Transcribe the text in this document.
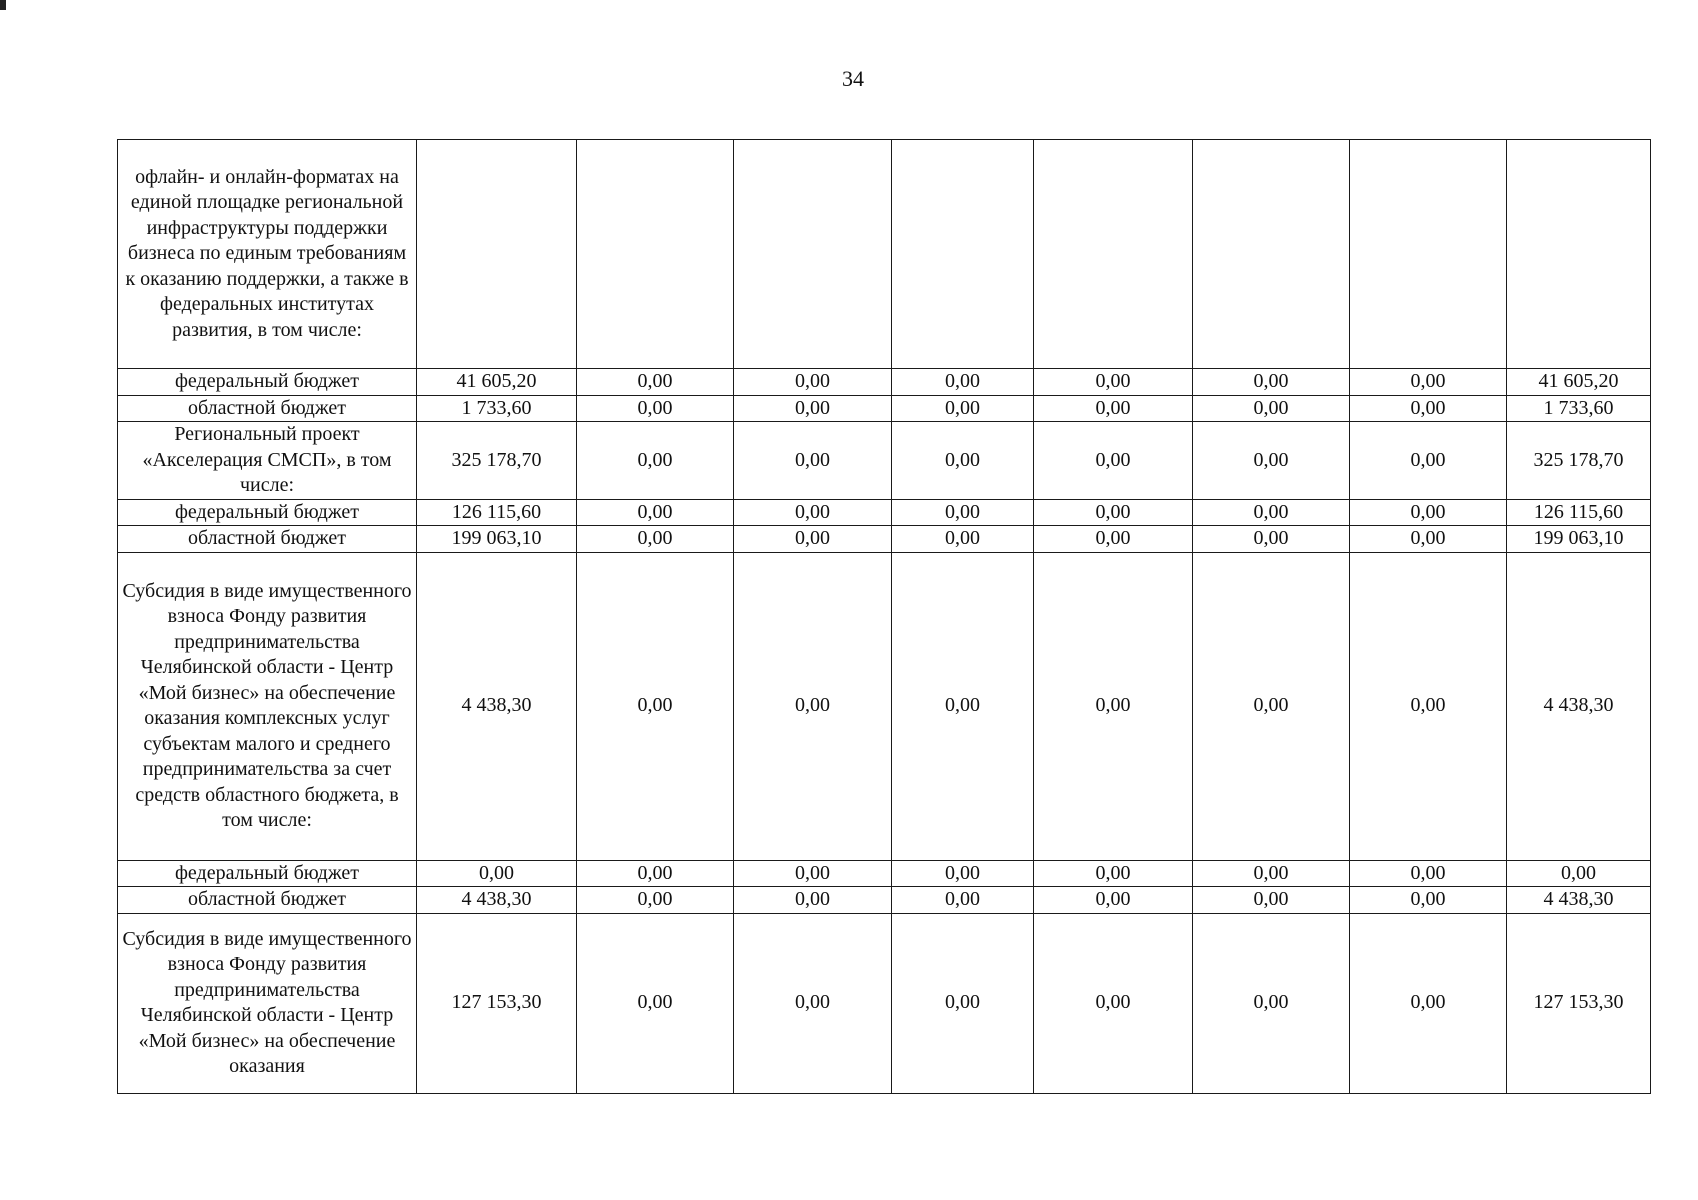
34
офлайн- и онлайн-форматах на единой площадке региональной инфраструктуры поддержки бизнеса по единым требованиям к оказанию поддержки, а также в федеральных институтах развития, в том числе:								
федеральный бюджет	41 605,20	0,00	0,00	0,00	0,00	0,00	0,00	41 605,20
областной бюджет	1 733,60	0,00	0,00	0,00	0,00	0,00	0,00	1 733,60
Региональный проект «Акселерация СМСП», в том числе:	325 178,70	0,00	0,00	0,00	0,00	0,00	0,00	325 178,70
федеральный бюджет	126 115,60	0,00	0,00	0,00	0,00	0,00	0,00	126 115,60
областной бюджет	199 063,10	0,00	0,00	0,00	0,00	0,00	0,00	199 063,10
Субсидия в виде имущественного взноса Фонду развития предпринимательства Челябинской области - Центр «Мой бизнес» на обеспечение оказания комплексных услуг субъектам малого и среднего предпринимательства за счет средств областного бюджета, в том числе:	4 438,30	0,00	0,00	0,00	0,00	0,00	0,00	4 438,30
федеральный бюджет	0,00	0,00	0,00	0,00	0,00	0,00	0,00	0,00
областной бюджет	4 438,30	0,00	0,00	0,00	0,00	0,00	0,00	4 438,30
Субсидия в виде имущественного взноса Фонду развития предпринимательства Челябинской области - Центр «Мой бизнес» на обеспечение оказания	127 153,30	0,00	0,00	0,00	0,00	0,00	0,00	127 153,30
